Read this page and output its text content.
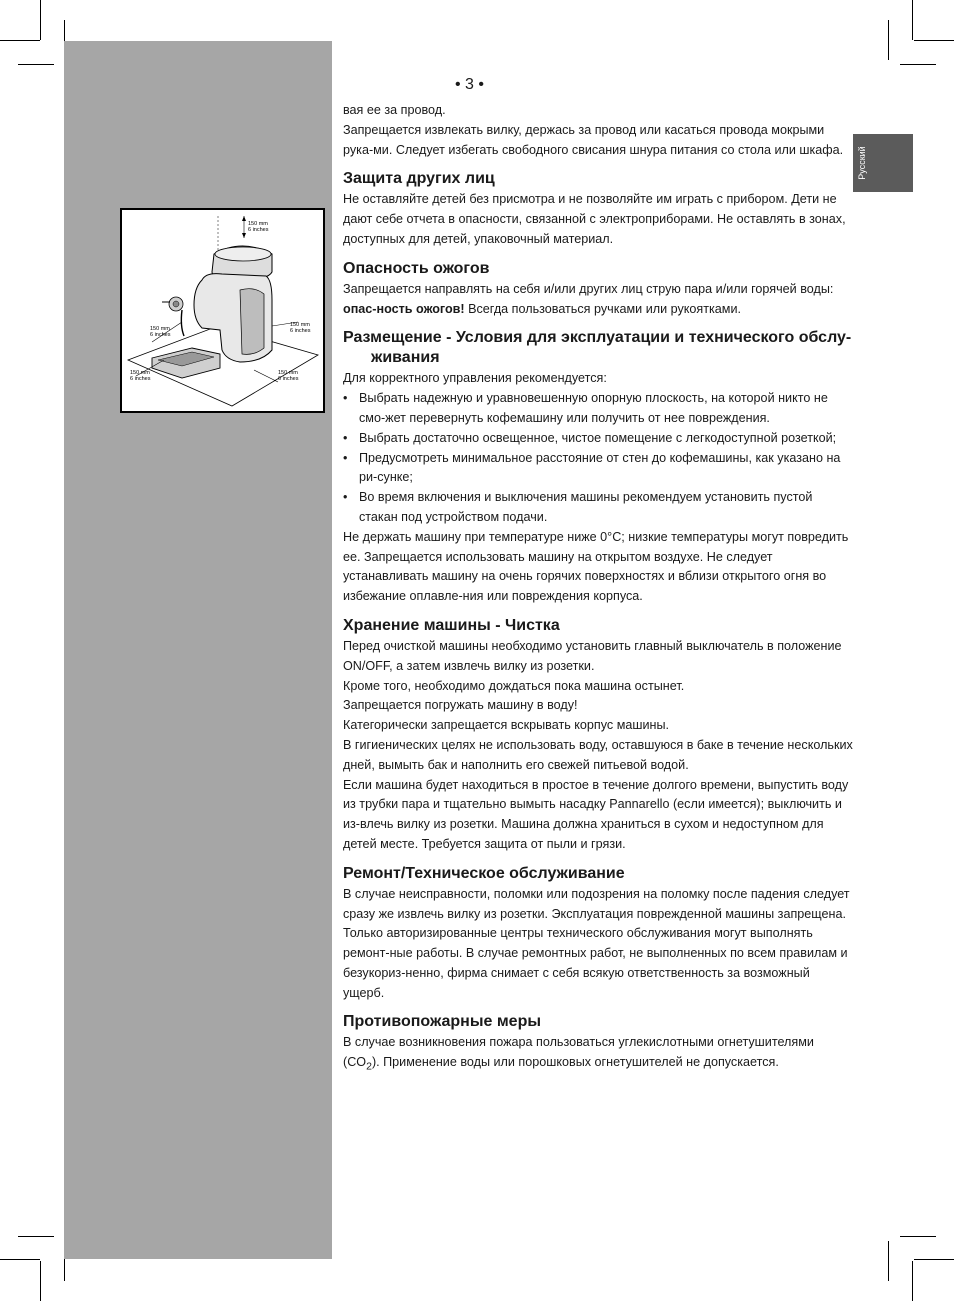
Русский
• 3 •
150 mm
6 inches
150 mm
6 inches
150 mm
6 inches
150 mm
6 inches
150 mm
6 inches

вая ее за провод.

Запрещается извлекать вилку, держась за провод или касаться провода мокрыми рука-ми. Следует избегать свободного свисания шнура питания со стола или шкафа.

Защита других лиц

Не оставляйте детей без присмотра и не позволяйте им играть с прибором. Дети не дают себе отчета в опасности, связанной с электроприборами. Не оставлять в зонах, доступных для детей, упаковочный материал.

Опасность ожогов

Запрещается направлять на себя и/или других лиц струю пара и/или горячей воды: опас-ность ожогов! Всегда пользоваться ручками или рукоятками.

Размещение - Условия для эксплуатации и технического обслу-
живания

Для корректного управления рекомендуется:

• Выбрать надежную и уравновешенную опорную плоскость, на которой никто не смо-жет перевернуть кофемашину или получить от нее повреждения.
• Выбрать достаточно освещенное, чистое помещение с легкодоступной розеткой;
• Предусмотреть минимальное расстояние от стен до кофемашины, как указано на ри-сунке;
• Во время включения и выключения машины рекомендуем установить пустой стакан под устройством подачи.

Не держать машину при температуре ниже 0°C; низкие температуры могут повредить ее. Запрещается использовать машину на открытом воздухе. Не следует устанавливать машину на очень горячих поверхностях и вблизи открытого огня во избежание оплавле-ния или повреждения корпуса.

Хранение машины - Чистка

Перед очисткой машины необходимо установить главный выключатель в положение ON/OFF, а затем извлечь вилку из розетки.

Кроме того, необходимо дождаться пока машина остынет.

Запрещается погружать машину в воду!

Категорически запрещается вскрывать корпус машины.

В гигиенических целях не использовать воду, оставшуюся в баке в течение нескольких дней, вымыть бак и наполнить его свежей питьевой водой.

Если машина будет находиться в простое в течение долгого времени, выпустить воду из трубки пара и тщательно вымыть насадку Pannarello (если имеется); выключить и из-влечь вилку из розетки. Машина должна храниться в сухом и недоступном для детей месте. Требуется защита от пыли и грязи.

Ремонт/Техническое обслуживание

В случае неисправности, поломки или подозрения на поломку после падения следует сразу же извлечь вилку из розетки. Эксплуатация поврежденной машины запрещена. Только авторизированные центры технического обслуживания могут выполнять ремонт-ные работы. В случае ремонтных работ, не выполненных по всем правилам и безукориз-ненно, фирма снимает с себя всякую ответственность за возможный ущерб.

Противопожарные меры

В случае возникновения пожара пользоваться углекислотными огнетушителями $(CO_2)$. Применение воды или порошковых огнетушителей не допускается.
